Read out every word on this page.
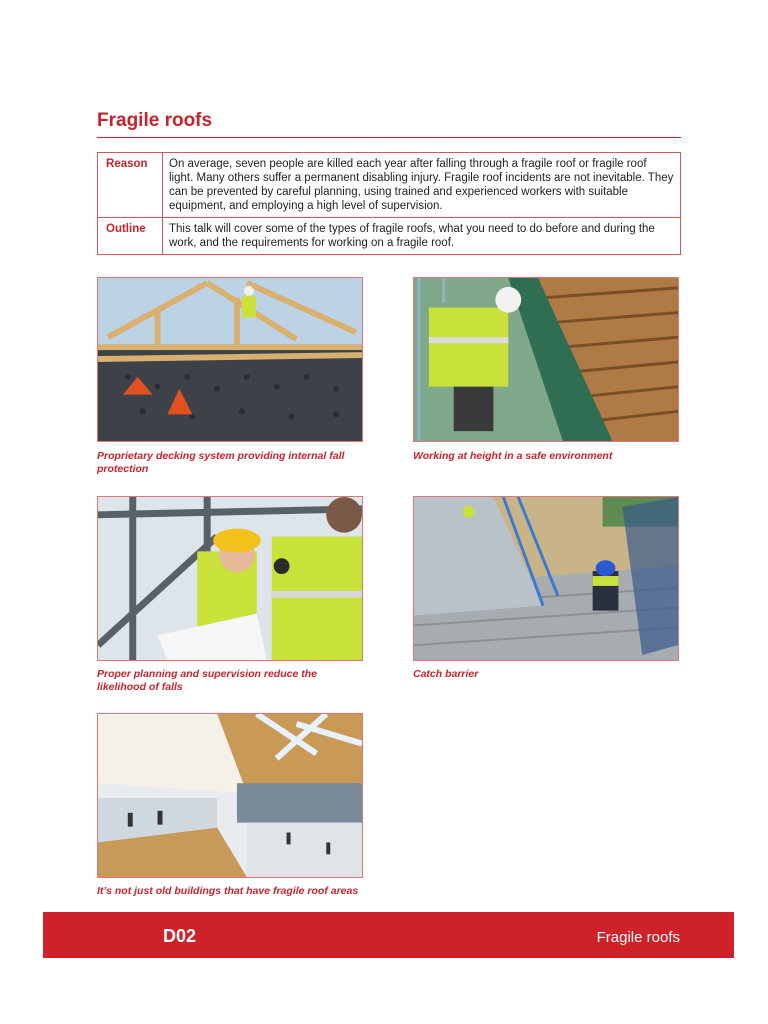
Fragile roofs
Reason	On average, seven people are killed each year after falling through a fragile roof or fragile roof light. Many others suffer a permanent disabling injury. Fragile roof incidents are not inevitable. They can be prevented by careful planning, using trained and experienced workers with suitable equipment, and employing a high level of supervision.
Outline	This talk will cover some of the types of fragile roofs, what you need to do before and during the work, and the requirements for working on a fragile roof.
Proprietary decking system providing internal fall protection
Working at height in a safe environment
Proper planning and supervision reduce the likelihood of falls
Catch barrier
It’s not just old buildings that have fragile roof areas
D02	Fragile roofs
